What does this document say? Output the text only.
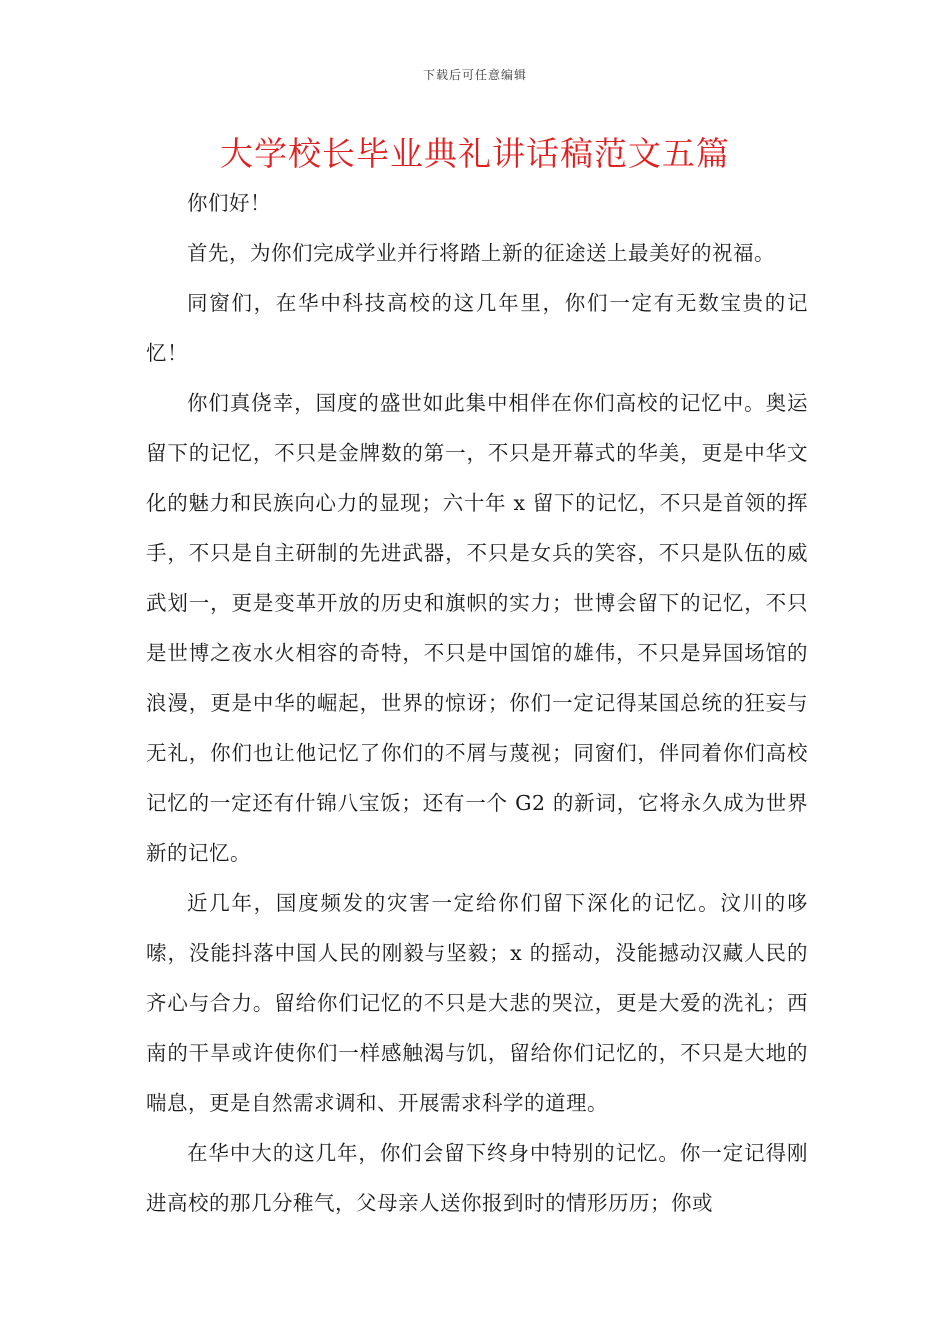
下载后可任意编辑
大学校长毕业典礼讲话稿范文五篇

你们好！

首先，为你们完成学业并行将踏上新的征途送上最美好的祝福。

同窗们，在华中科技高校的这几年里，你们一定有无数宝贵的记忆！

你们真侥幸，国度的盛世如此集中相伴在你们高校的记忆中。奥运留下的记忆，不只是金牌数的第一，不只是开幕式的华美，更是中华文化的魅力和民族向心力的显现；六十年 x 留下的记忆，不只是首领的挥手，不只是自主研制的先进武器，不只是女兵的笑容，不只是队伍的威武划一，更是变革开放的历史和旗帜的实力；世博会留下的记忆，不只是世博之夜水火相容的奇特，不只是中国馆的雄伟，不只是异国场馆的浪漫，更是中华的崛起，世界的惊讶；你们一定记得某国总统的狂妄与无礼，你们也让他记忆了你们的不屑与蔑视；同窗们，伴同着你们高校记忆的一定还有什锦八宝饭；还有一个 G2 的新词，它将永久成为世界新的记忆。

近几年，国度频发的灾害一定给你们留下深化的记忆。汶川的哆嗦，没能抖落中国人民的刚毅与坚毅；x 的摇动，没能撼动汉藏人民的齐心与合力。留给你们记忆的不只是大悲的哭泣，更是大爱的洗礼；西南的干旱或许使你们一样感触渴与饥，留给你们记忆的，不只是大地的喘息，更是自然需求调和、开展需求科学的道理。

在华中大的这几年，你们会留下终身中特别的记忆。你一定记得刚进高校的那几分稚气，父母亲人送你报到时的情形历历；你或
